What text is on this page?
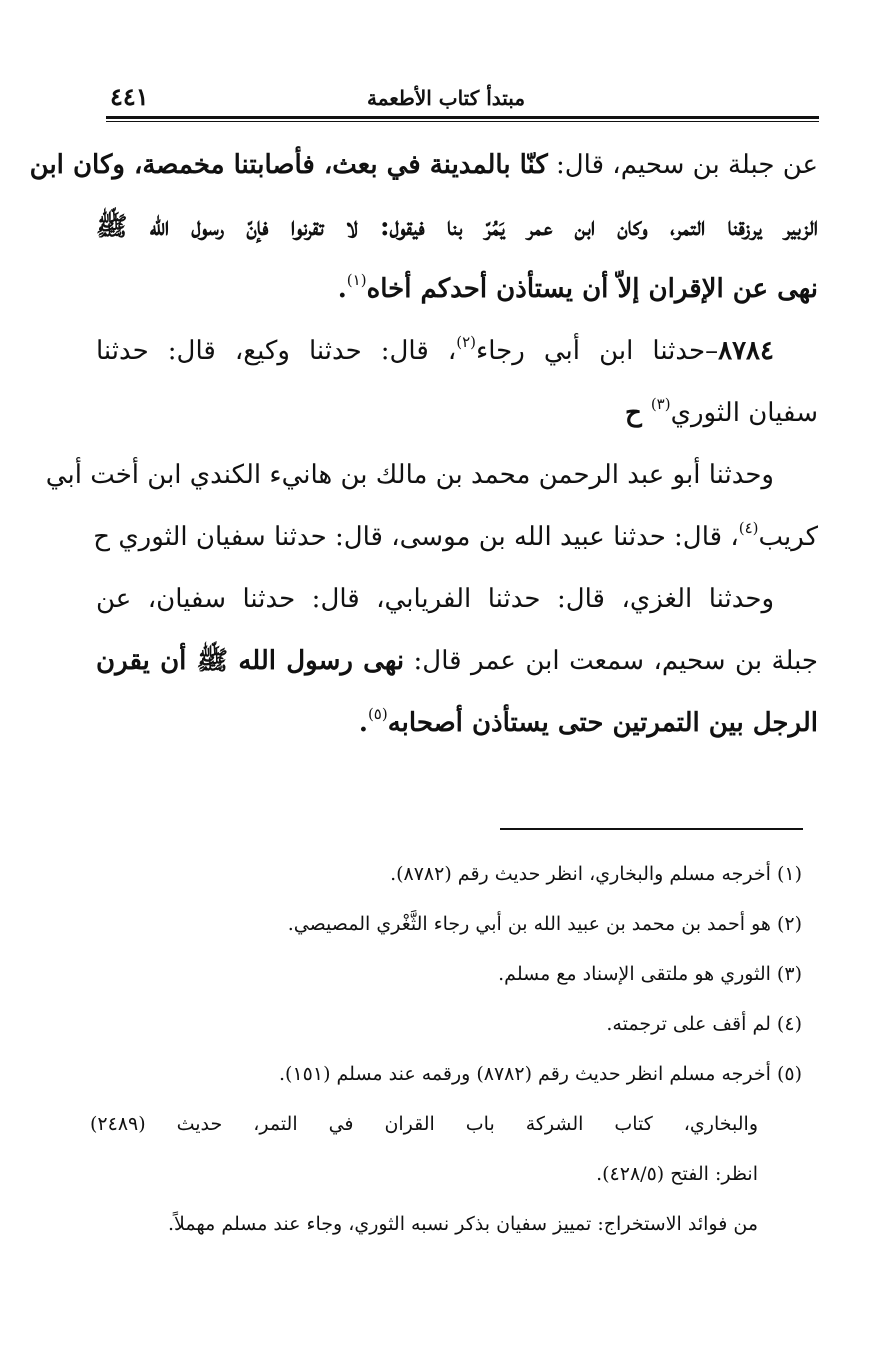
٤٤١	مبتدأ كتاب الأطعمة
عن جبلة بن سحيم، قال: كنّا بالمدينة في بعث، فأصابتنا مخمصة، وكان ابن
الزبير يرزقنا التمر، وكان ابن عمر يَمُرّ بنا فيقول: لا تقرنوا فإنّ رسول الله ﷺ
نهى عن الإقران إلاّ أن يستأذن أحدكم أخاه$^{(١)}$.
٨٧٨٤–حدثنا ابن أبي رجاء$^{(٢)}$، قال: حدثنا وكيع، قال: حدثنا
سفيان الثوري$^{(٣)}$ ح
وحدثنا أبو عبد الرحمن محمد بن مالك بن هانيء الكندي ابن أخت أبي
كريب$^{(٤)}$، قال: حدثنا عبيد الله بن موسى، قال: حدثنا سفيان الثوري ح
وحدثنا الغزي، قال: حدثنا الفريابي، قال: حدثنا سفيان، عن
جبلة بن سحيم، سمعت ابن عمر قال: نهى رسول الله ﷺ أن يقرن
الرجل بين التمرتين حتى يستأذن أصحابه$^{(٥)}$.
(١) أخرجه مسلم والبخاري، انظر حديث رقم (٨٧٨٢).
(٢) هو أحمد بن محمد بن عبيد الله بن أبي رجاء الثَّغْري المصيصي.
(٣) الثوري هو ملتقى الإسناد مع مسلم.
(٤) لم أقف على ترجمته.
(٥) أخرجه مسلم انظر حديث رقم (٨٧٨٢) ورقمه عند مسلم (١٥١).
والبخاري، كتاب الشركة باب القران في التمر، حديث (٢٤٨٩)
انظر: الفتح (٤٢٨/٥).
من فوائد الاستخراج: تمييز سفيان بذكر نسبه الثوري، وجاء عند مسلم مهملاً.
